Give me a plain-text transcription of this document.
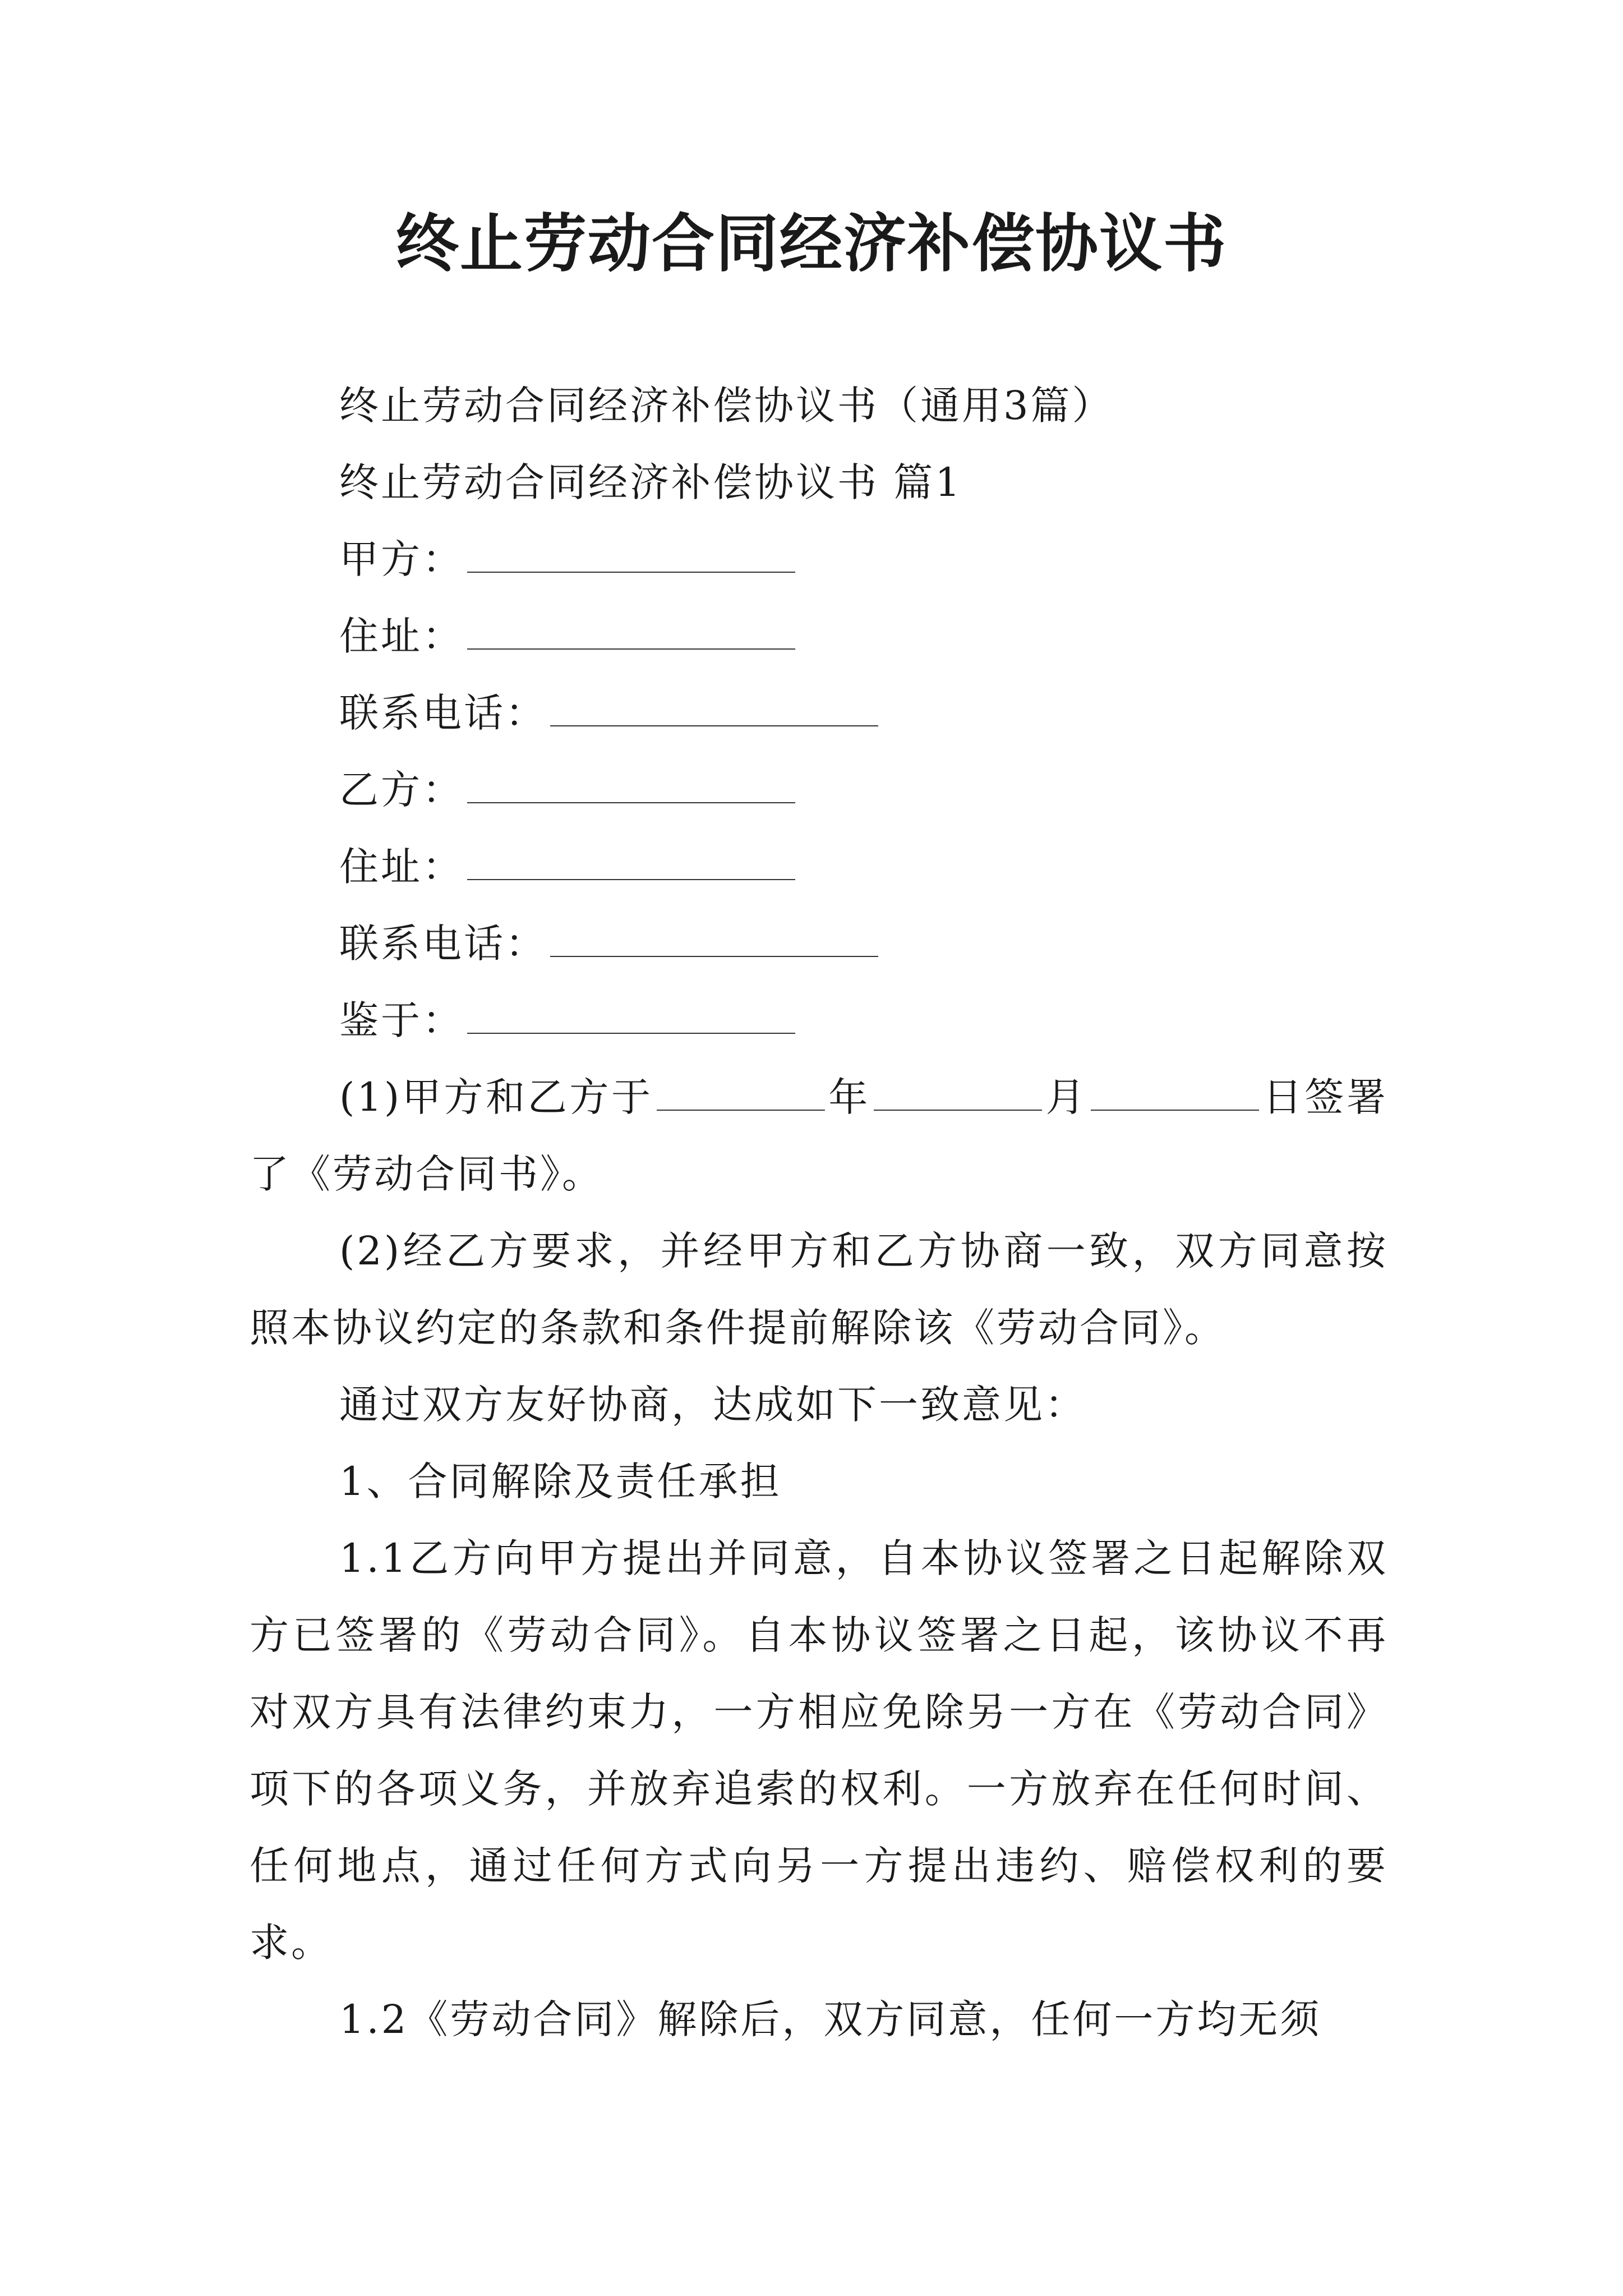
终止劳动合同经济补偿协议书

终止劳动合同经济补偿协议书（通用3篇）

终止劳动合同经济补偿协议书 篇1

甲方：

住址：

联系电话：

乙方：

住址：

联系电话：

鉴于：

(1)甲方和乙方于	年	月	日签署了《劳动合同书》。

(2)经乙方要求，并经甲方和乙方协商一致，双方同意按照本协议约定的条款和条件提前解除该《劳动合同》。

通过双方友好协商，达成如下一致意见：

1、合同解除及责任承担

1.1乙方向甲方提出并同意，自本协议签署之日起解除双方已签署的《劳动合同》。自本协议签署之日起，该协议不再对双方具有法律约束力，一方相应免除另一方在《劳动合同》项下的各项义务，并放弃追索的权利。一方放弃在任何时间、任何地点，通过任何方式向另一方提出违约、赔偿权利的要求。

1.2《劳动合同》解除后，双方同意，任何一方均无须
